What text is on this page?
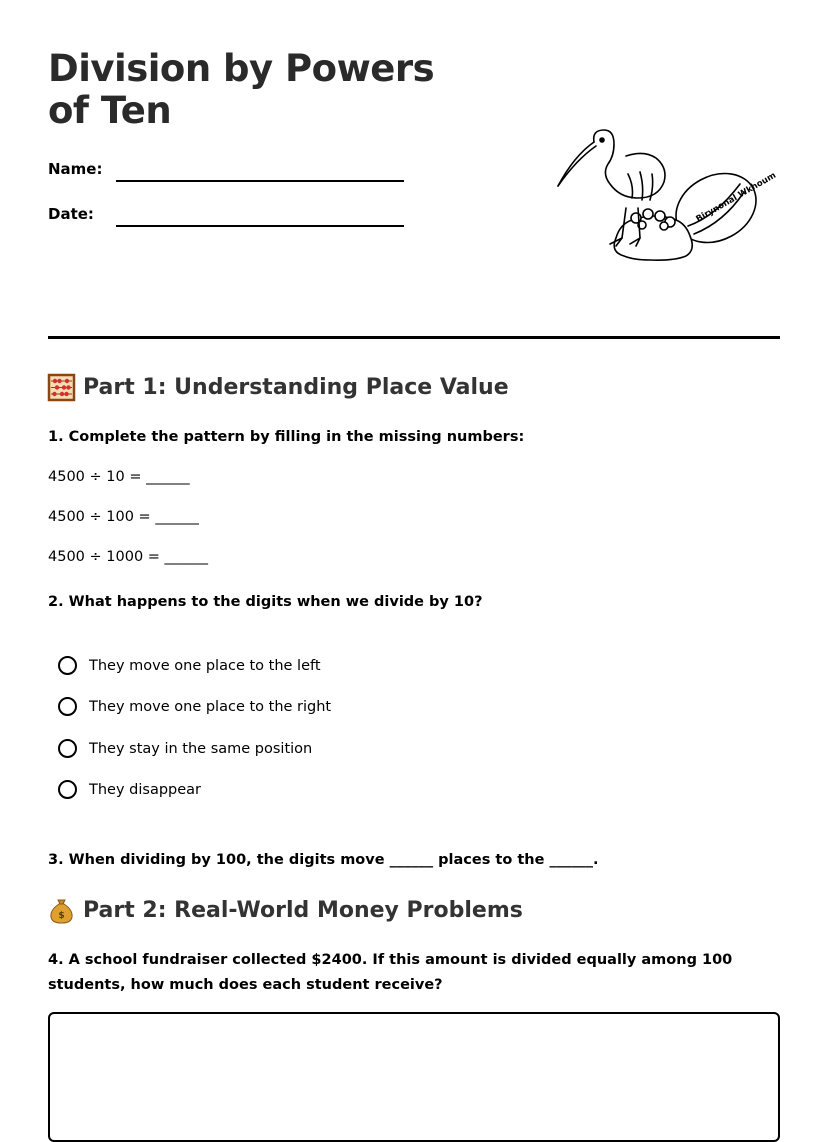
Division by Powers of Ten
Name:
Date:	Birynonal Wkhoum
Part 1: Understanding Place Value

1. Complete the pattern by filling in the missing numbers:

4500 ÷ 10 = ______
4500 ÷ 100 = ______
4500 ÷ 1000 = ______

2. What happens to the digits when we divide by 10?

They move one place to the left
They move one place to the right
They stay in the same position
They disappear

3. When dividing by 100, the digits move ______ places to the ______.

$ Part 2: Real-World Money Problems

4. A school fundraiser collected $2400. If this amount is divided equally among 100 students, how much does each student receive?
